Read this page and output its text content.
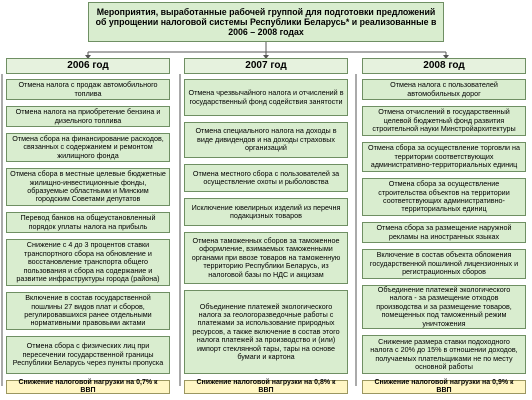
Мероприятия, выработанные рабочей группой для подготовки предложений об упрощении налоговой системы Республики Беларусь* и реализованные в 2006 – 2008 годах
2006 год
Отмена налога с продаж автомобильного топлива
Отмена налога на приобретение бензина и дизельного топлива
Отмена сбора на финансирование расходов, связанных с содержанием и ремонтом жилищного фонда
Отмена сбора в местные целевые бюджетные жилищно-инвестиционные фонды, образуемые областными и Минским городским Советами депутатов
Перевод банков на общеустановленный порядок уплаты налога на прибыль
Снижение с 4 до 3 процентов ставки транспортного сбора на обновление и восстановление транспорта общего пользования и сбора на содержание и развитие инфраструктуры города (района)
Включение в состав государственной пошлины 27 видов плат и сборов, регулировавшихся ранее отдельными нормативными правовыми актами
Отмена сбора с физических лиц при пересечении государственной границы Республики Беларусь через пункты пропуска
Снижение налоговой нагрузки на 0,7% к ВВП
2007 год
Отмена чрезвычайного налога и отчислений в государственный фонд содействия занятости
Отмена специального налога на доходы в виде дивидендов и на доходы страховых организаций
Отмена местного сбора с пользователей за осуществление охоты и рыболовства
Исключение ювелирных изделий из перечня подакцизных товаров
Отмена таможенных сборов за таможенное оформление, взимаемых таможенными органами при ввозе товаров на таможенную территорию Республики Беларусь, из налоговой базы по НДС и акцизам
Объединение платежей экологического налога за геологоразведочные работы с платежами за использование природных ресурсов, а также включение в состав этого налога платежей за производство и (или) импорт стеклянной тары, тары на основе бумаги и картона
Снижение налоговой нагрузки на 0,8% к ВВП
2008 год
Отмена налога с пользователей автомобильных дорог
Отмена отчислений в государственный целевой бюджетный фонд развития строительной науки Минстройархитектуры
Отмена сбора за осуществление торговли на территории соответствующих административно-территориальных единиц
Отмена сбора за осуществление строительства объектов на территории соответствующих административно-территориальных единиц
Отмена сбора за размещение наружной рекламы на иностранных языках
Включение в состав объекта обложения государственной пошлиной лицензионных и регистрационных сборов
Объединение платежей экологического налога - за размещение отходов производства и за размещение товаров, помещенных под таможенный режим уничтожения
Снижение размера ставки подоходного налога с 20% до 15% в отношении доходов, получаемых плательщиками не по месту основной работы
Снижение налоговой нагрузки на 0,9% к ВВП
